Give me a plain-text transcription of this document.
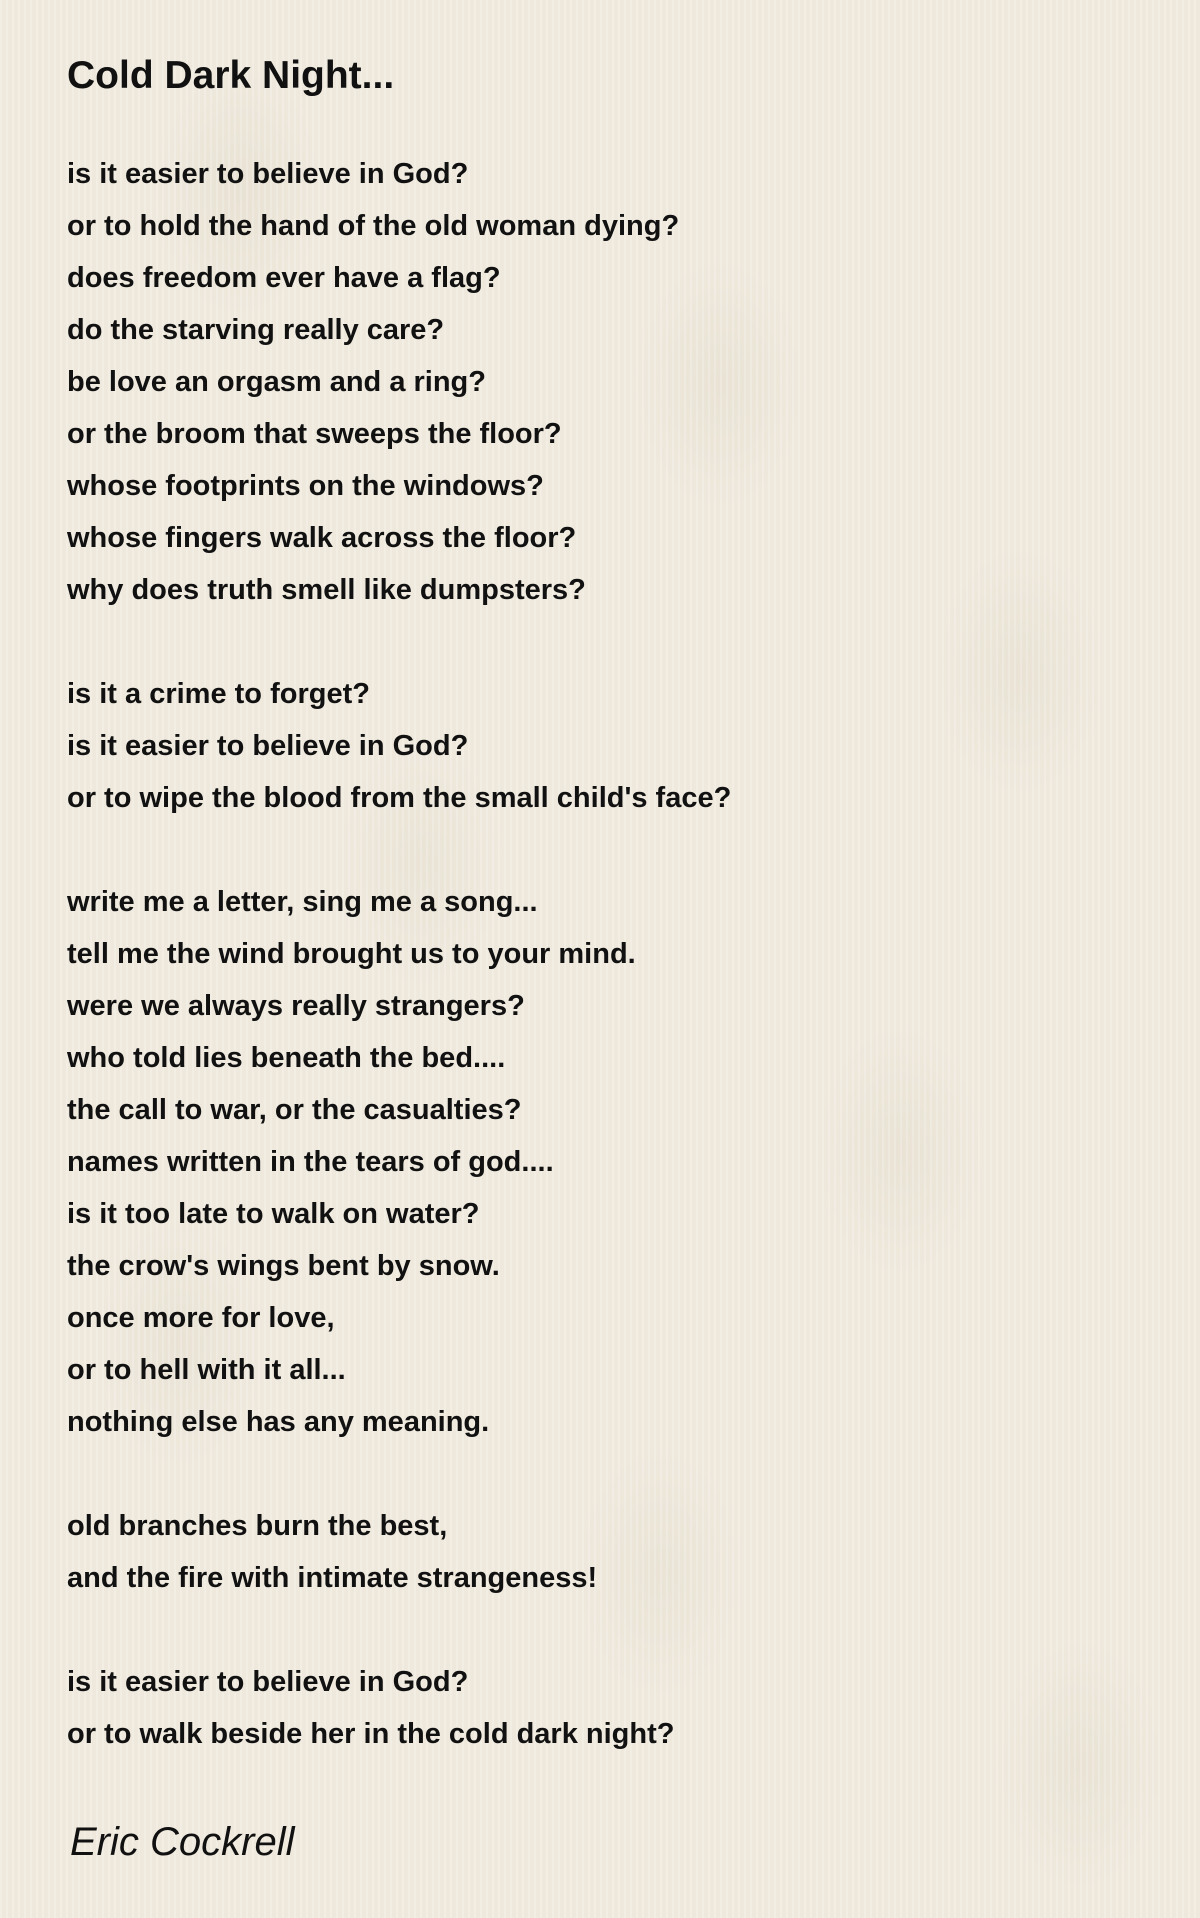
Cold Dark Night...
is it easier to believe in God?
or to hold the hand of the old woman dying?
does freedom ever have a flag?
do the starving really care?
be love an orgasm and a ring?
or the broom that sweeps the floor?
whose footprints on the windows?
whose fingers walk across the floor?
why does truth smell like dumpsters?
is it a crime to forget?
is it easier to believe in God?
or to wipe the blood from the small child's face?
write me a letter, sing me a song...
tell me the wind brought us to your mind.
were we always really strangers?
who told lies beneath the bed....
the call to war, or the casualties?
names written in the tears of god....
is it too late to walk on water?
the crow's wings bent by snow.
once more for love,
or to hell with it all...
nothing else has any meaning.
old branches burn the best,
and the fire with intimate strangeness!
is it easier to believe in God?
or to walk beside her in the cold dark night?
Eric Cockrell
